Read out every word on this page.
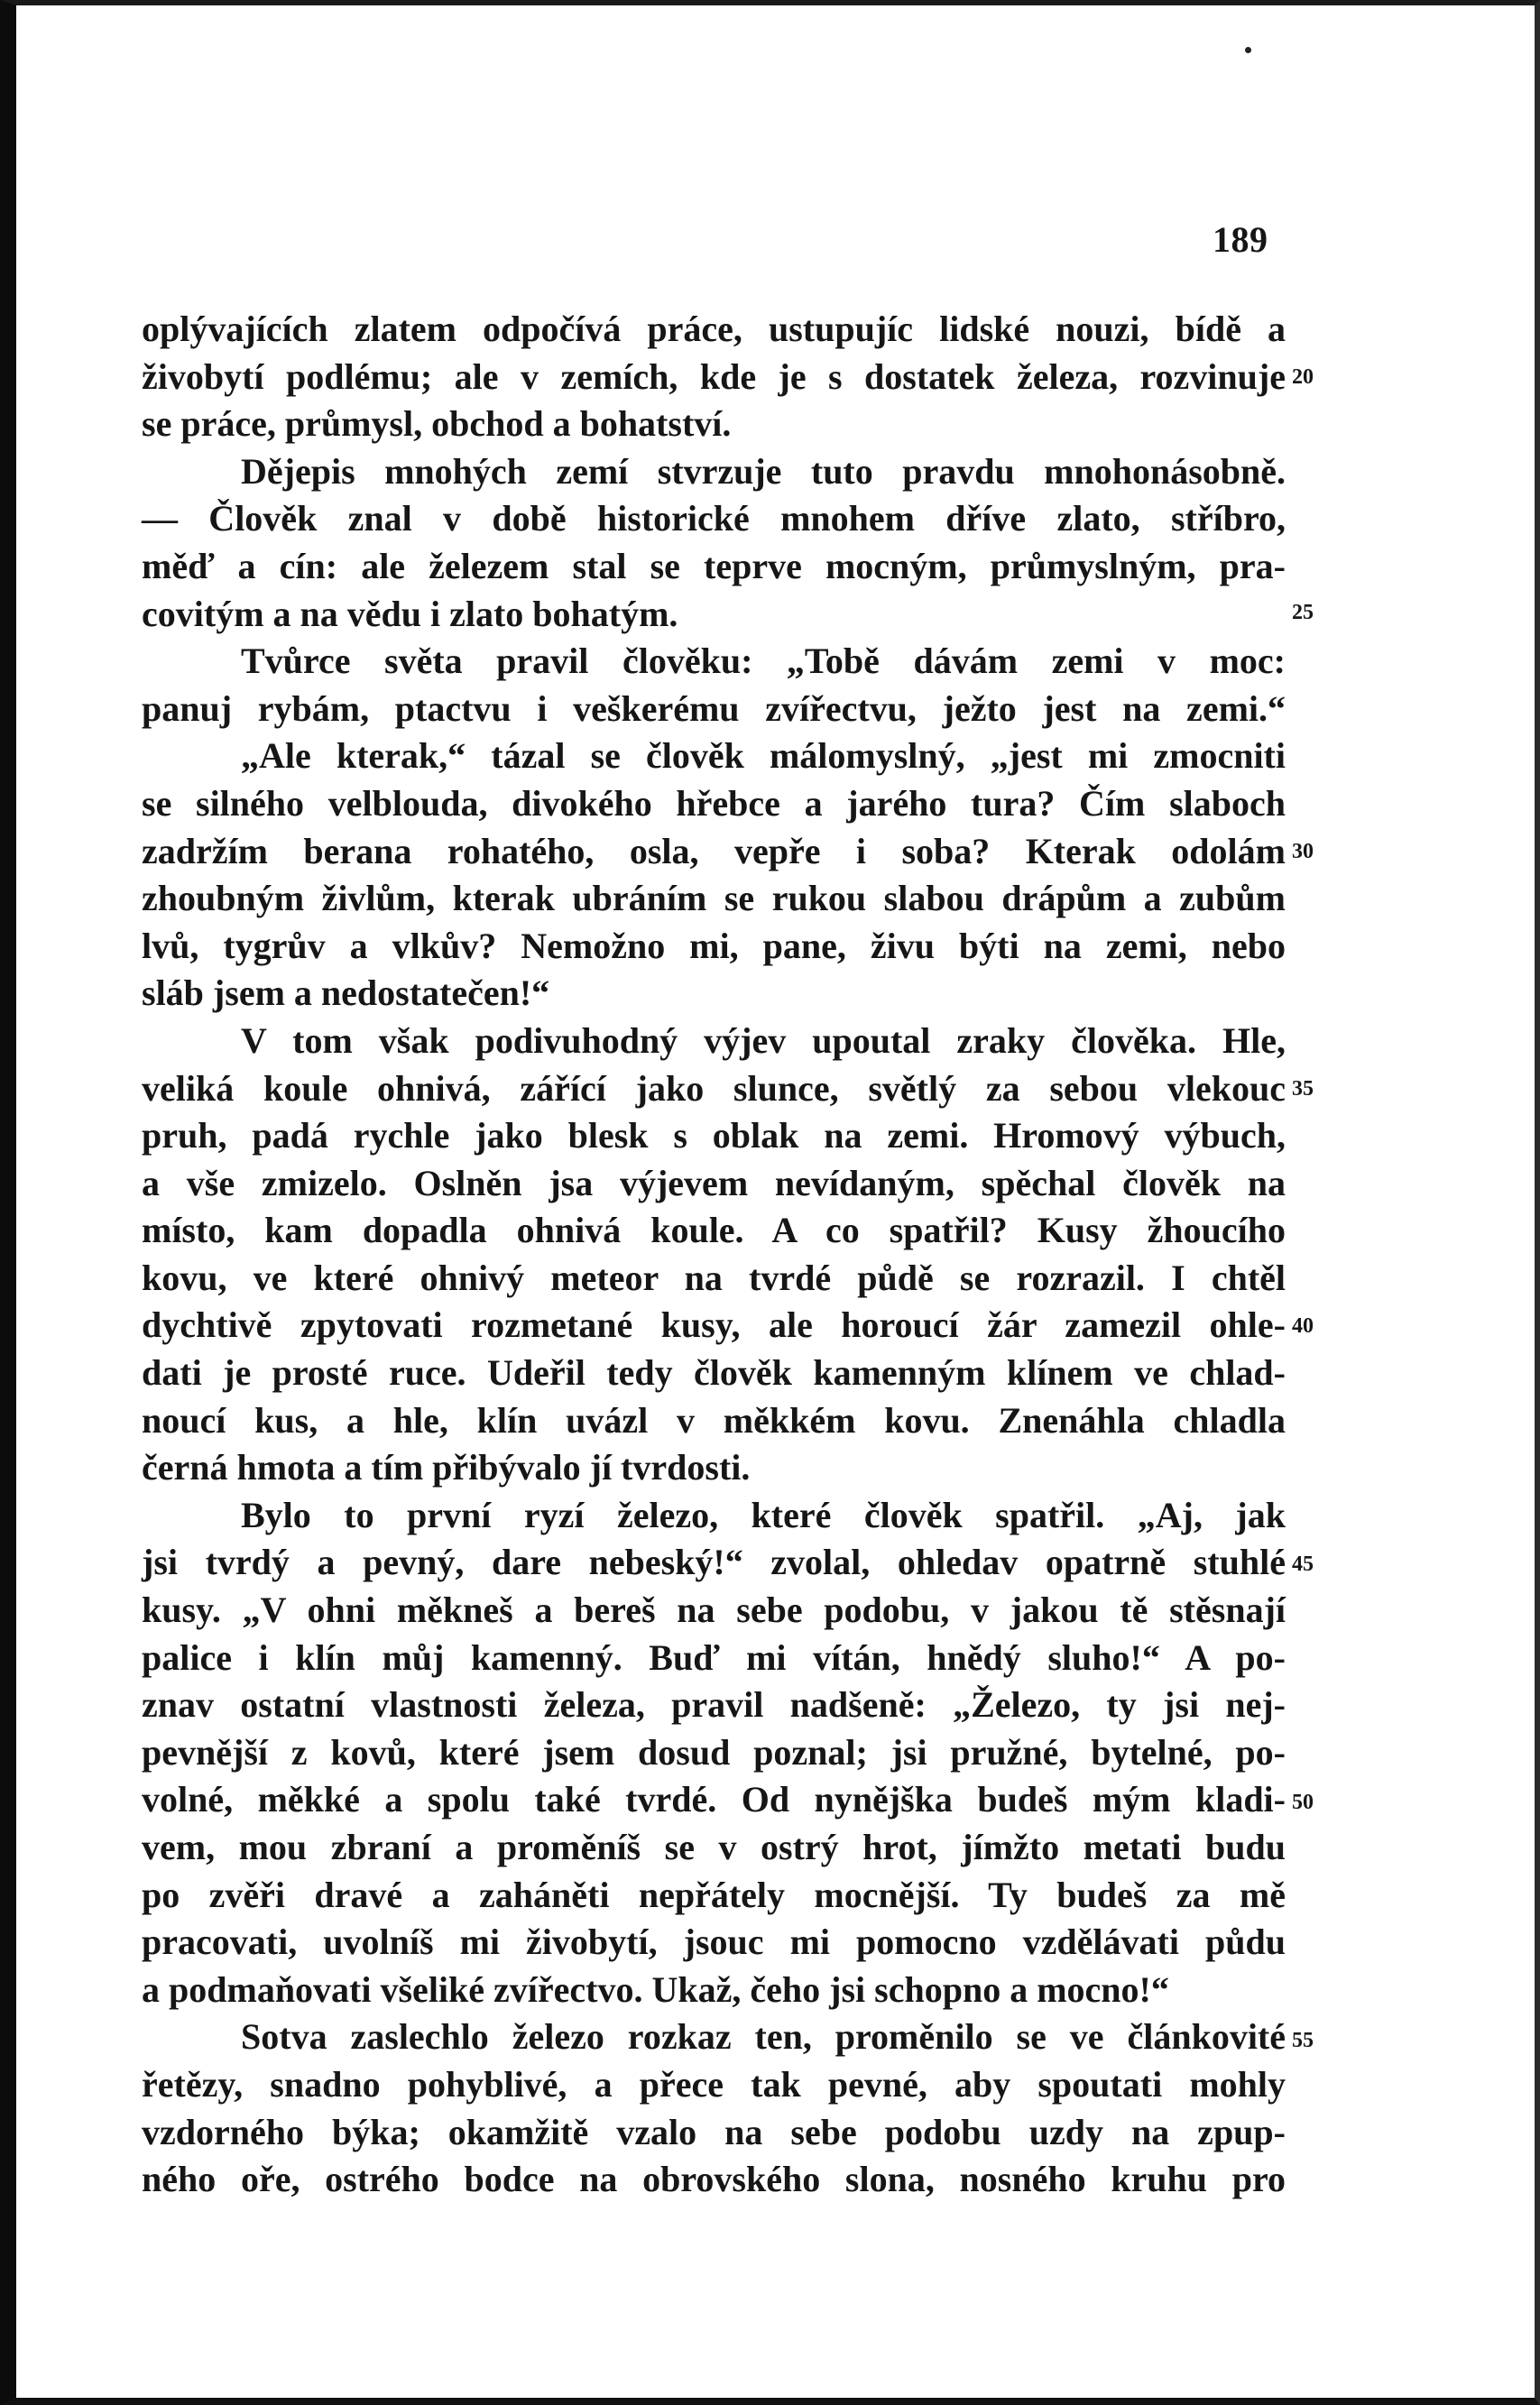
189
oplývajících zlatem odpočívá práce, ustupujíc lidské nouzi, bídě a
živobytí podlému; ale v zemích, kde je s dostatek železa, rozvinuje
se práce, průmysl, obchod a bohatství.
Dějepis mnohých zemí stvrzuje tuto pravdu mnohonásobně.
— Člověk znal v době historické mnohem dříve zlato, stříbro,
měď a cín: ale železem stal se teprve mocným, průmyslným, pra-
covitým a na vědu i zlato bohatým.
Tvůrce světa pravil člověku: „Tobě dávám zemi v moc:
panuj rybám, ptactvu i veškerému zvířectvu, ježto jest na zemi.“
„Ale kterak,“ tázal se člověk málomyslný, „jest mi zmocniti
se silného velblouda, divokého hřebce a jarého tura? Čím slaboch
zadržím berana rohatého, osla, vepře i soba? Kterak odolám
zhoubným živlům, kterak ubráním se rukou slabou drápům a zubům
lvů, tygrův a vlkův? Nemožno mi, pane, živu býti na zemi, nebo
sláb jsem a nedostatečen!“
V tom však podivuhodný výjev upoutal zraky člověka. Hle,
veliká koule ohnivá, zářící jako slunce, světlý za sebou vlekouc
pruh, padá rychle jako blesk s oblak na zemi. Hromový výbuch,
a vše zmizelo. Oslněn jsa výjevem nevídaným, spěchal člověk na
místo, kam dopadla ohnivá koule. A co spatřil? Kusy žhoucího
kovu, ve které ohnivý meteor na tvrdé půdě se rozrazil. I chtěl
dychtivě zpytovati rozmetané kusy, ale horoucí žár zamezil ohle-
dati je prosté ruce. Udeřil tedy člověk kamenným klínem ve chlad-
noucí kus, a hle, klín uvázl v měkkém kovu. Znenáhla chladla
černá hmota a tím přibývalo jí tvrdosti.
Bylo to první ryzí železo, které člověk spatřil. „Aj, jak
jsi tvrdý a pevný, dare nebeský!“ zvolal, ohledav opatrně stuhlé
kusy. „V ohni měkneš a bereš na sebe podobu, v jakou tě stěsnají
palice i klín můj kamenný. Buď mi vítán, hnědý sluho!“ A po-
znav ostatní vlastnosti železa, pravil nadšeně: „Železo, ty jsi nej-
pevnější z kovů, které jsem dosud poznal; jsi pružné, bytelné, po-
volné, měkké a spolu také tvrdé. Od nynějška budeš mým kladi-
vem, mou zbraní a proměníš se v ostrý hrot, jímžto metati budu
po zvěři dravé a zaháněti nepřátely mocnější. Ty budeš za mě
pracovati, uvolníš mi živobytí, jsouc mi pomocno vzdělávati půdu
a podmaňovati všeliké zvířectvo. Ukaž, čeho jsi schopno a mocno!“
Sotva zaslechlo železo rozkaz ten, proměnilo se ve článkovité
řetězy, snadno pohyblivé, a přece tak pevné, aby spoutati mohly
vzdorného býka; okamžitě vzalo na sebe podobu uzdy na zpup-
ného oře, ostrého bodce na obrovského slona, nosného kruhu pro
20
25
30
35
40
45
50
55
